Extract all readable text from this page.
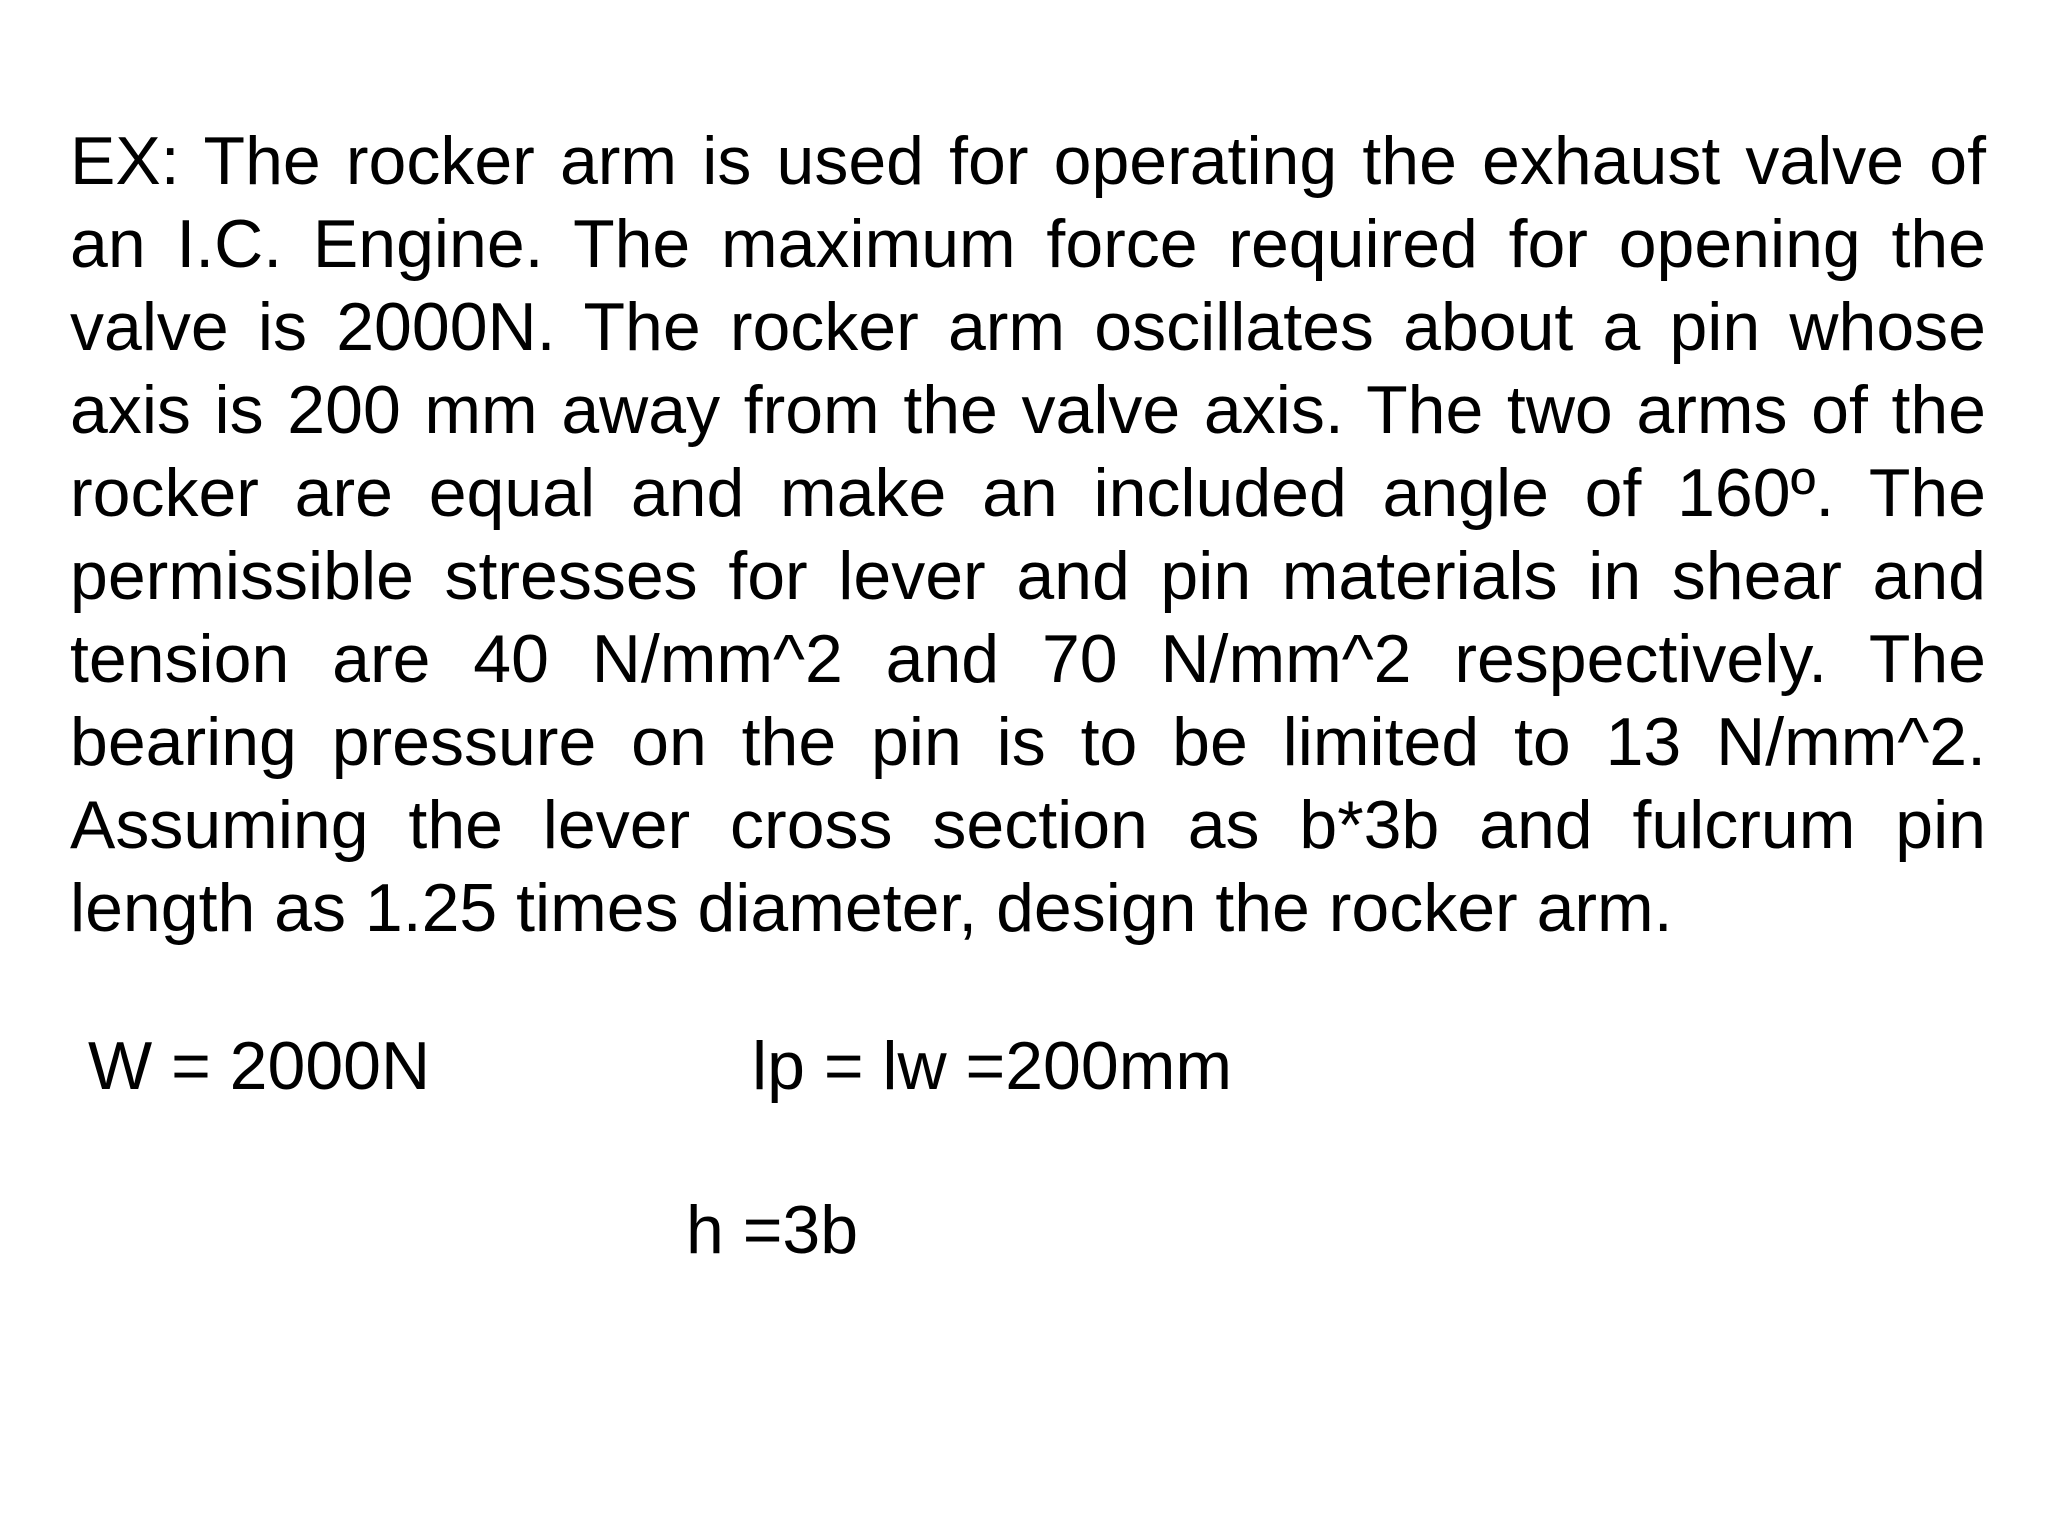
EX: The rocker arm is used for operating the exhaust valve of an I.C. Engine. The maximum force required for opening the valve is 2000N. The rocker arm oscillates about a pin whose axis is 200 mm away from the valve axis. The two arms of the rocker are equal and make an included angle of 160º. The permissible stresses for lever and pin materials in shear and tension are 40 N/mm^2 and 70 N/mm^2 respectively. The bearing pressure on the pin is to be limited to 13 N/mm^2. Assuming the lever cross section as b*3b and fulcrum pin length as 1.25 times diameter, design the rocker arm.

W = 2000N	lp = lw =200mm
h =3b
